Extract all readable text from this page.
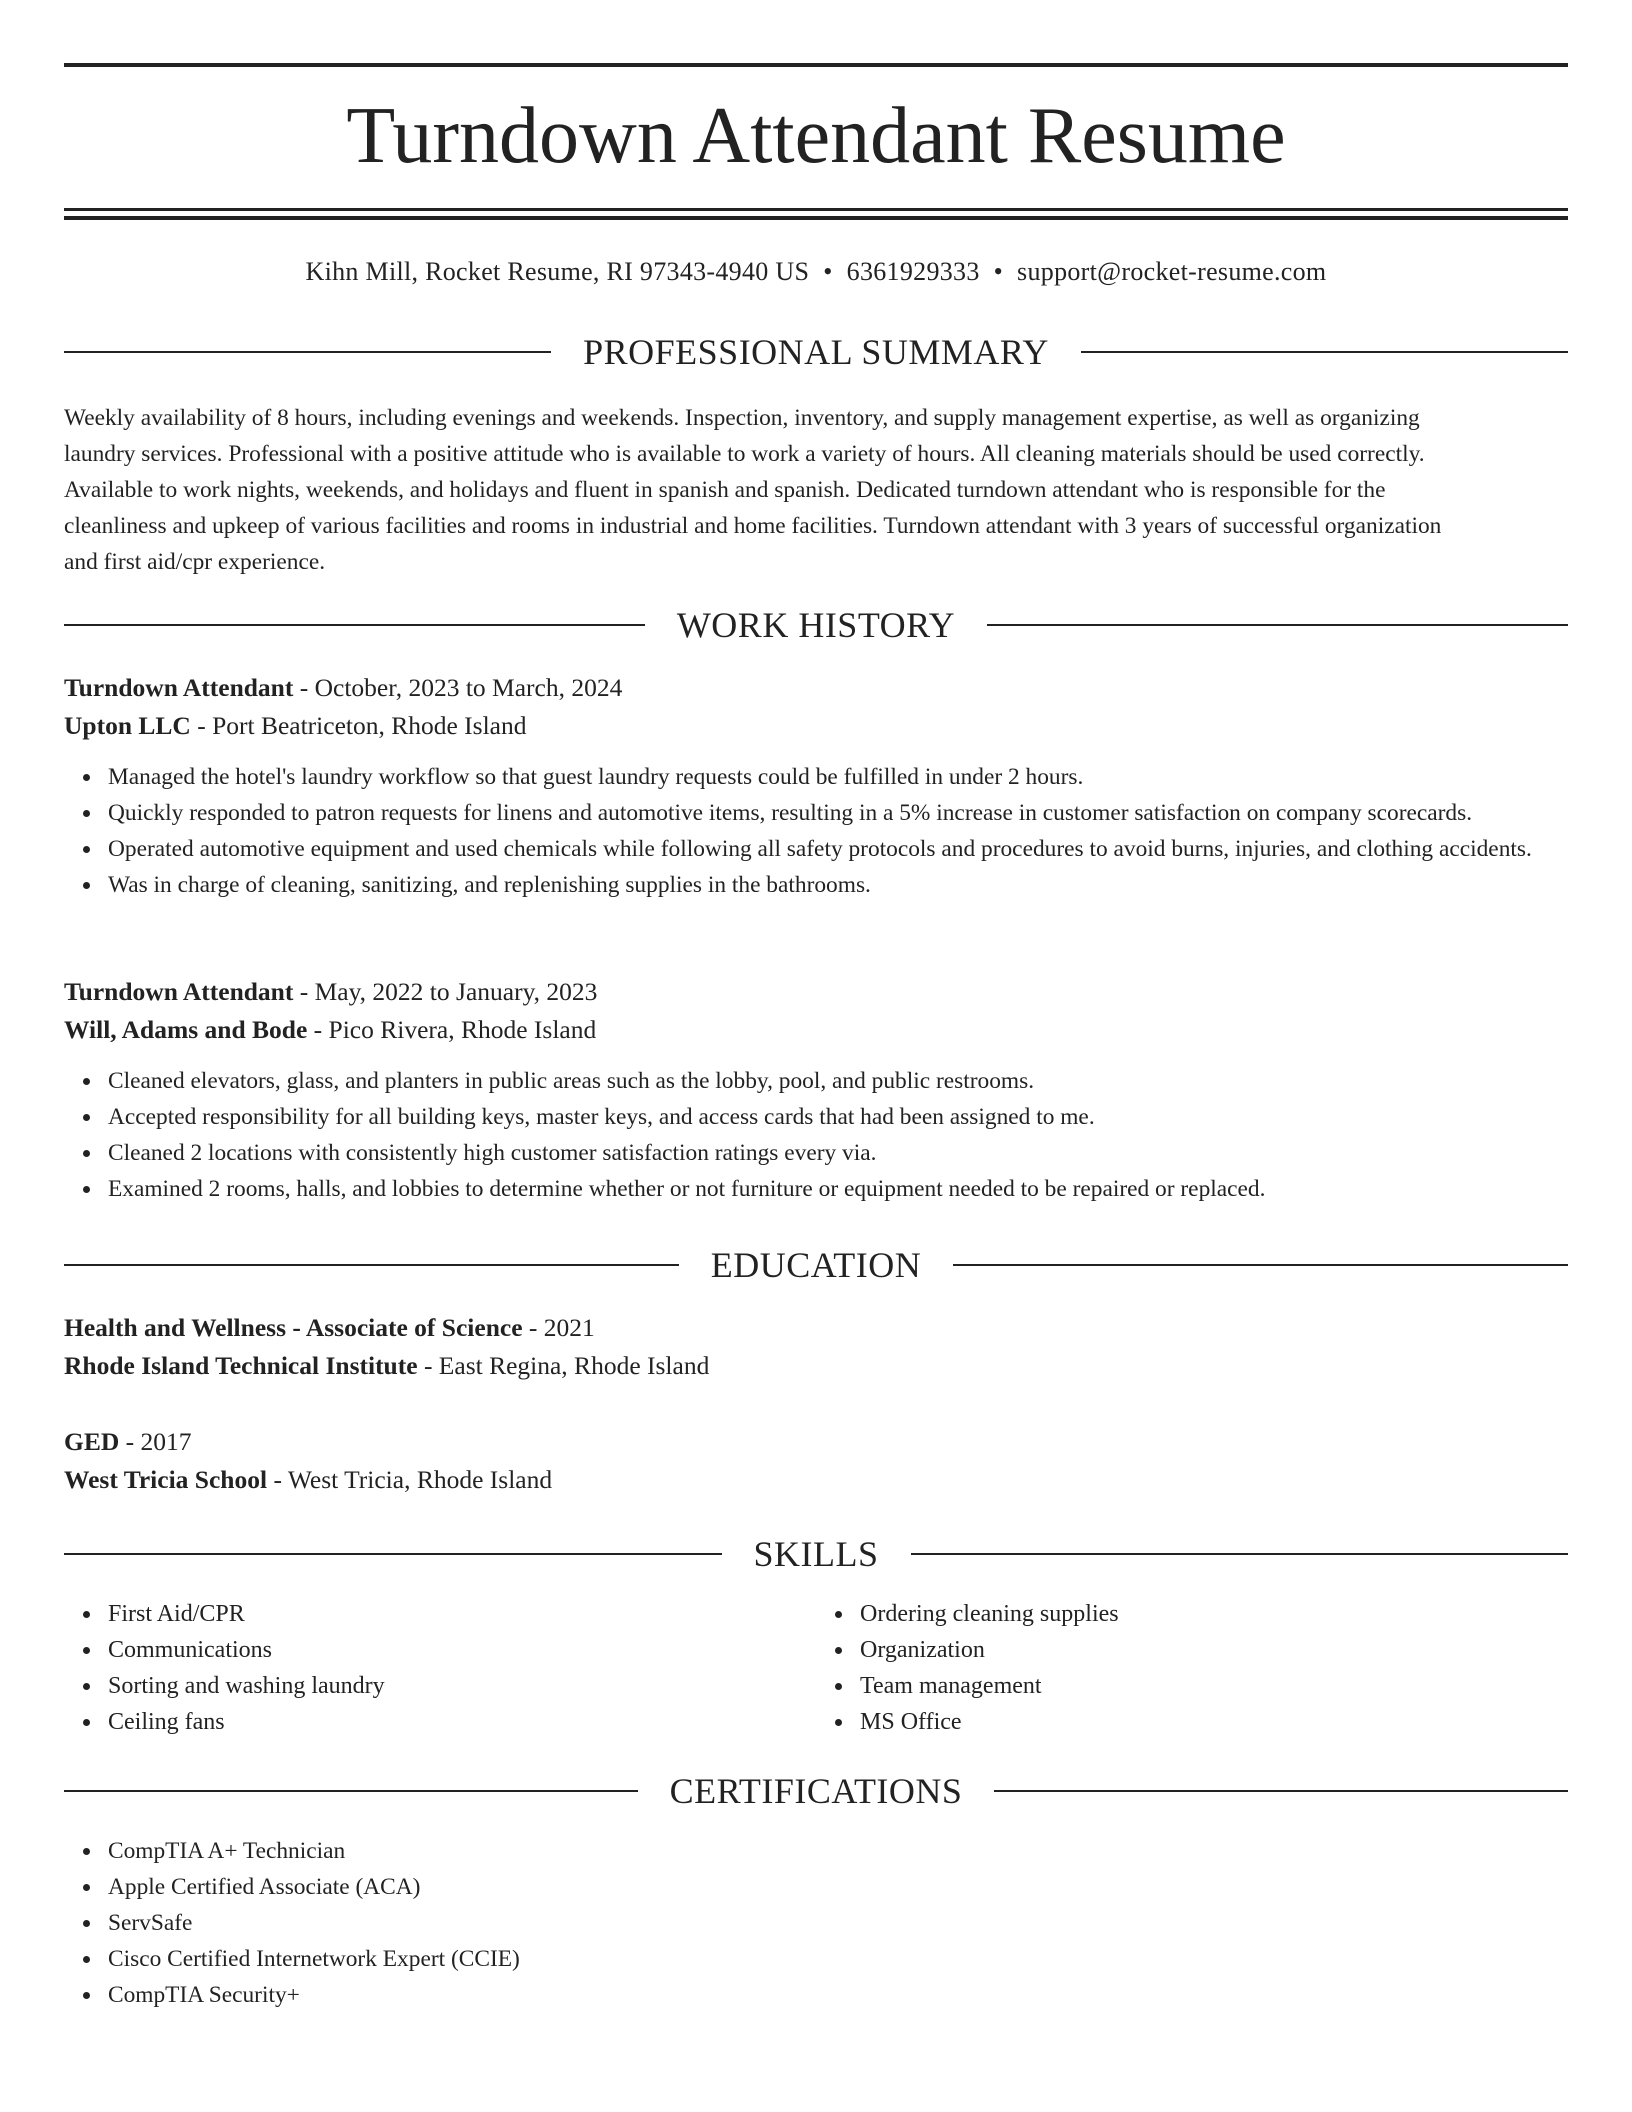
Turndown Attendant Resume
Kihn Mill, Rocket Resume, RI 97343-4940 US • 6361929333 • support@rocket-resume.com
PROFESSIONAL SUMMARY

Weekly availability of 8 hours, including evenings and weekends. Inspection, inventory, and supply management expertise, as well as organizing
laundry services. Professional with a positive attitude who is available to work a variety of hours. All cleaning materials should be used correctly.
Available to work nights, weekends, and holidays and fluent in spanish and spanish. Dedicated turndown attendant who is responsible for the
cleanliness and upkeep of various facilities and rooms in industrial and home facilities. Turndown attendant with 3 years of successful organization
and first aid/cpr experience.

WORK HISTORY
Turndown Attendant - October, 2023 to March, 2024
Upton LLC - Port Beatriceton, Rhode Island
Managed the hotel's laundry workflow so that guest laundry requests could be fulfilled in under 2 hours.
Quickly responded to patron requests for linens and automotive items, resulting in a 5% increase in customer satisfaction on company scorecards.
Operated automotive equipment and used chemicals while following all safety protocols and procedures to avoid burns, injuries, and clothing accidents.
Was in charge of cleaning, sanitizing, and replenishing supplies in the bathrooms.
Turndown Attendant - May, 2022 to January, 2023
Will, Adams and Bode - Pico Rivera, Rhode Island
Cleaned elevators, glass, and planters in public areas such as the lobby, pool, and public restrooms.
Accepted responsibility for all building keys, master keys, and access cards that had been assigned to me.
Cleaned 2 locations with consistently high customer satisfaction ratings every via.
Examined 2 rooms, halls, and lobbies to determine whether or not furniture or equipment needed to be repaired or replaced.
EDUCATION
Health and Wellness - Associate of Science - 2021
Rhode Island Technical Institute - East Regina, Rhode Island
GED - 2017
West Tricia School - West Tricia, Rhode Island
SKILLS
First Aid/CPR
Communications
Sorting and washing laundry
Ceiling fans
Ordering cleaning supplies
Organization
Team management
MS Office
CERTIFICATIONS
CompTIA A+ Technician
Apple Certified Associate (ACA)
ServSafe
Cisco Certified Internetwork Expert (CCIE)
CompTIA Security+
